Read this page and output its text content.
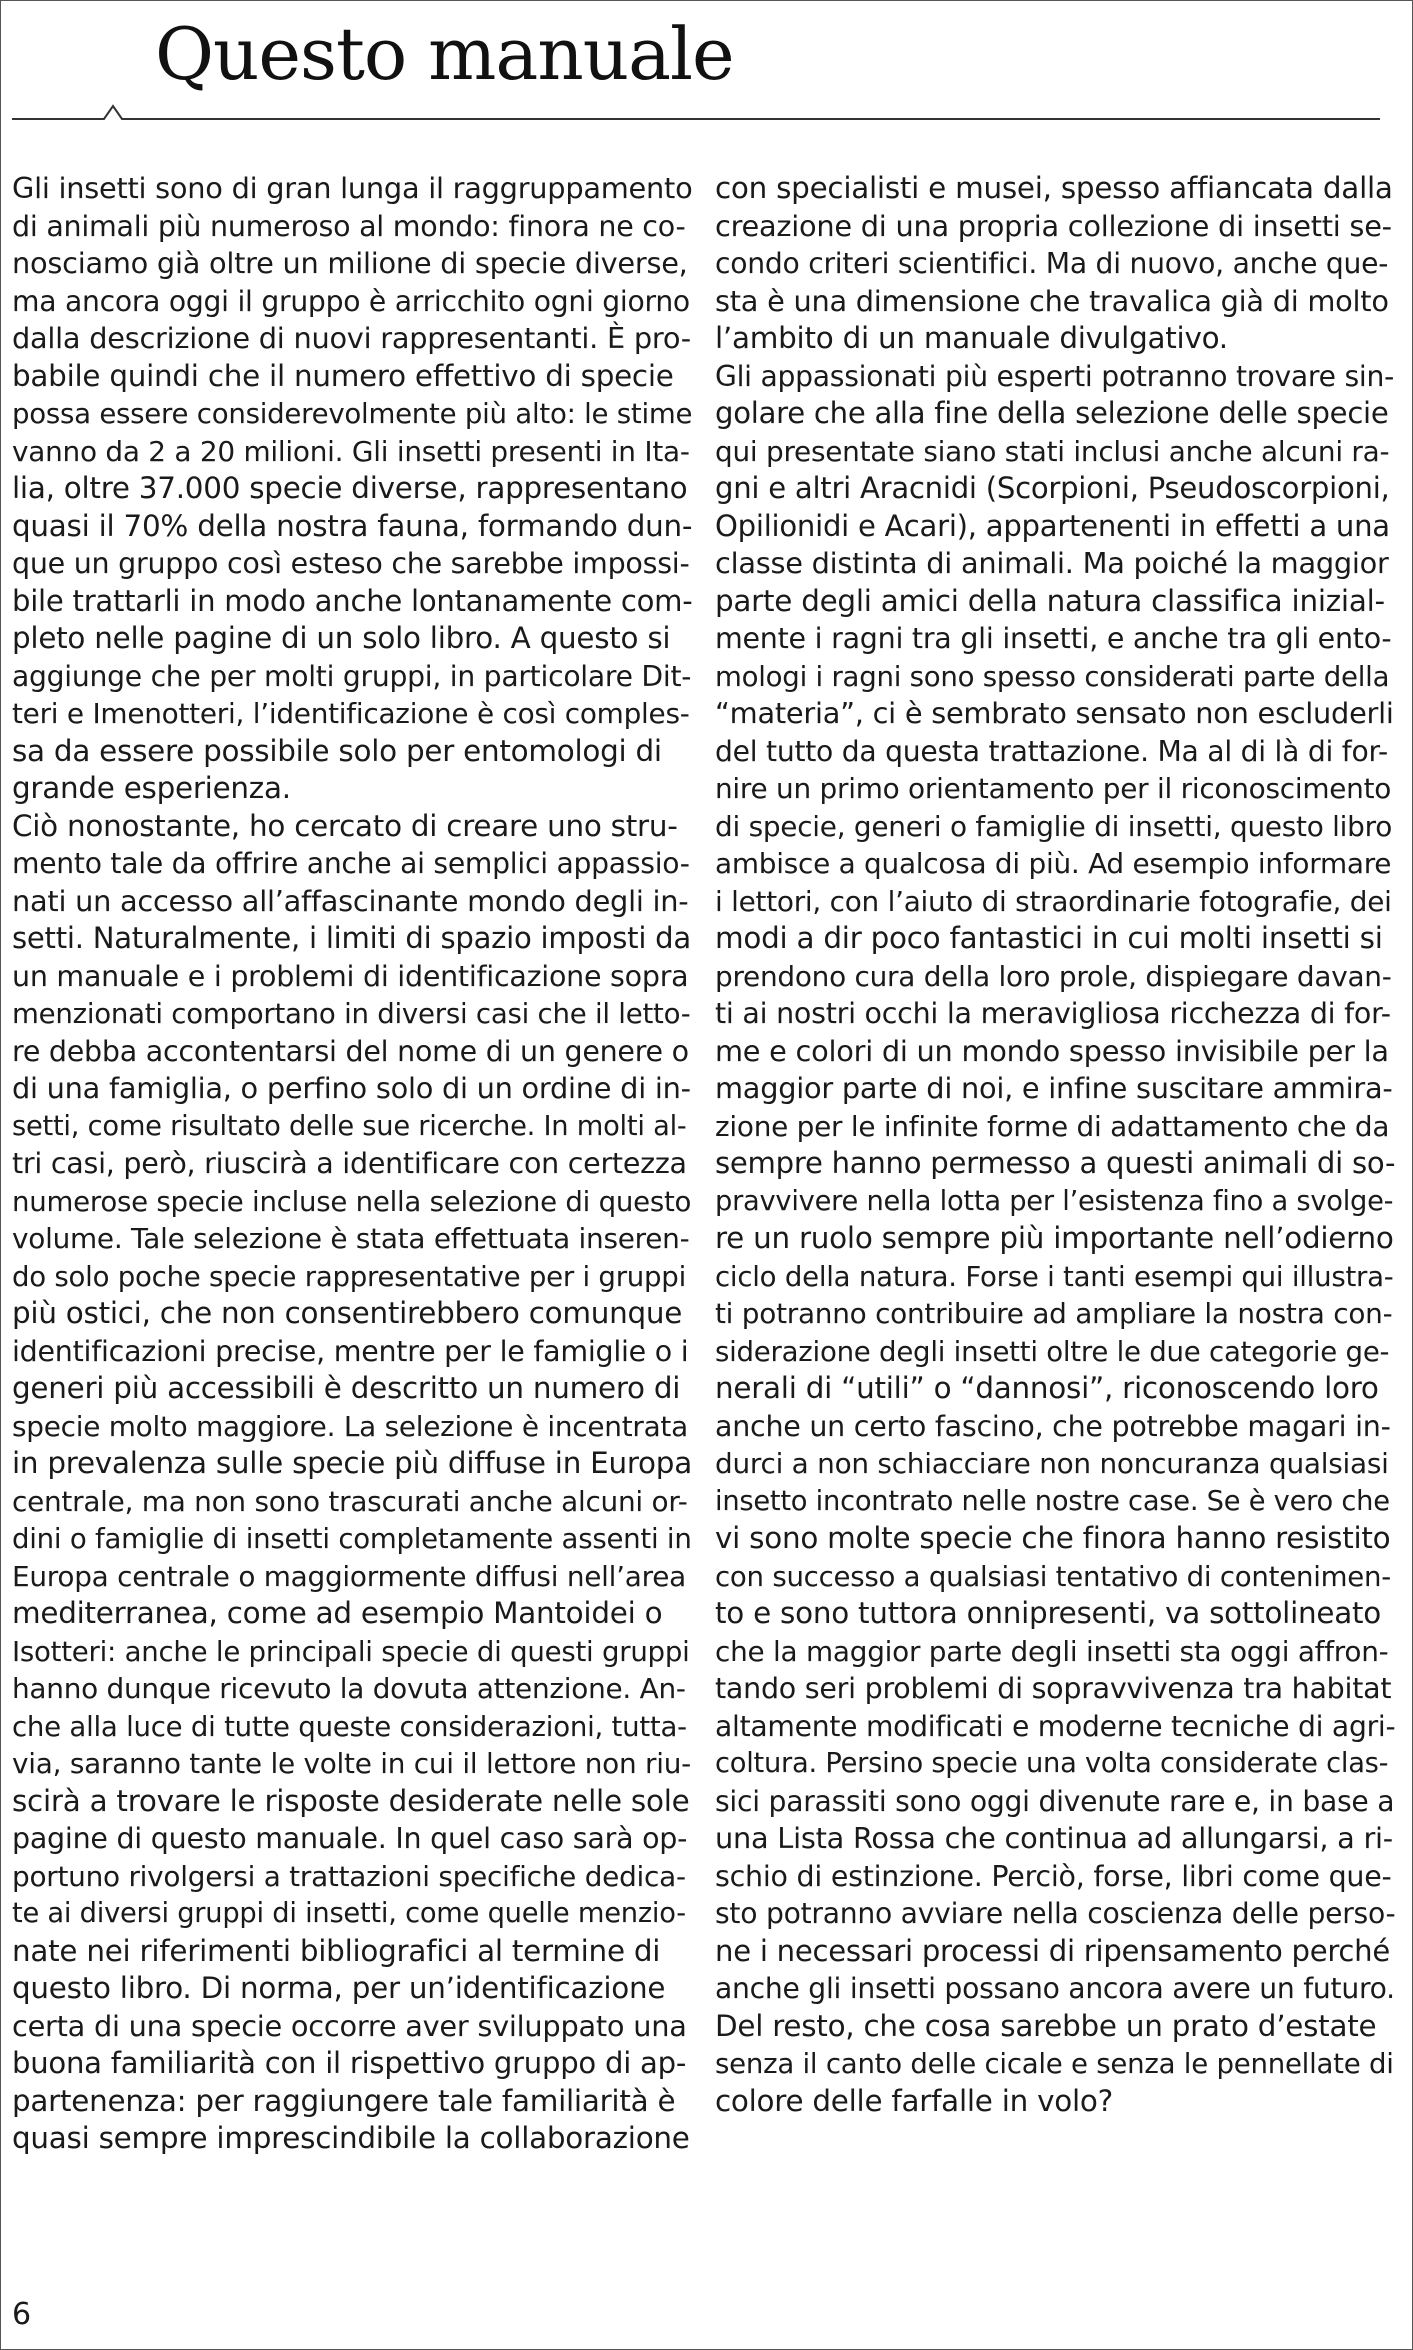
Questo manuale
Gli insetti sono di gran lunga il raggruppamento
di animali più numeroso al mondo: finora ne co-
nosciamo già oltre un milione di specie diverse,
ma ancora oggi il gruppo è arricchito ogni giorno
dalla descrizione di nuovi rappresentanti. È pro-
babile quindi che il numero effettivo di specie
possa essere considerevolmente più alto: le stime
vanno da 2 a 20 milioni. Gli insetti presenti in Ita-
lia, oltre 37.000 specie diverse, rappresentano
quasi il 70% della nostra fauna, formando dun-
que un gruppo così esteso che sarebbe impossi-
bile trattarli in modo anche lontanamente com-
pleto nelle pagine di un solo libro. A questo si
aggiunge che per molti gruppi, in particolare Dit-
teri e Imenotteri, l’identificazione è così comples-
sa da essere possibile solo per entomologi di
grande esperienza.
Ciò nonostante, ho cercato di creare uno stru-
mento tale da offrire anche ai semplici appassio-
nati un accesso all’affascinante mondo degli in-
setti. Naturalmente, i limiti di spazio imposti da
un manuale e i problemi di identificazione sopra
menzionati comportano in diversi casi che il letto-
re debba accontentarsi del nome di un genere o
di una famiglia, o perfino solo di un ordine di in-
setti, come risultato delle sue ricerche. In molti al-
tri casi, però, riuscirà a identificare con certezza
numerose specie incluse nella selezione di questo
volume. Tale selezione è stata effettuata inseren-
do solo poche specie rappresentative per i gruppi
più ostici, che non consentirebbero comunque
identificazioni precise, mentre per le famiglie o i
generi più accessibili è descritto un numero di
specie molto maggiore. La selezione è incentrata
in prevalenza sulle specie più diffuse in Europa
centrale, ma non sono trascurati anche alcuni or-
dini o famiglie di insetti completamente assenti in
Europa centrale o maggiormente diffusi nell’area
mediterranea, come ad esempio Mantoidei o
Isotteri: anche le principali specie di questi gruppi
hanno dunque ricevuto la dovuta attenzione. An-
che alla luce di tutte queste considerazioni, tutta-
via, saranno tante le volte in cui il lettore non riu-
scirà a trovare le risposte desiderate nelle sole
pagine di questo manuale. In quel caso sarà op-
portuno rivolgersi a trattazioni specifiche dedica-
te ai diversi gruppi di insetti, come quelle menzio-
nate nei riferimenti bibliografici al termine di
questo libro. Di norma, per un’identificazione
certa di una specie occorre aver sviluppato una
buona familiarità con il rispettivo gruppo di ap-
partenenza: per raggiungere tale familiarità è
quasi sempre imprescindibile la collaborazione
con specialisti e musei, spesso affiancata dalla
creazione di una propria collezione di insetti se-
condo criteri scientifici. Ma di nuovo, anche que-
sta è una dimensione che travalica già di molto
l’ambito di un manuale divulgativo.
Gli appassionati più esperti potranno trovare sin-
golare che alla fine della selezione delle specie
qui presentate siano stati inclusi anche alcuni ra-
gni e altri Aracnidi (Scorpioni, Pseudoscorpioni,
Opilionidi e Acari), appartenenti in effetti a una
classe distinta di animali. Ma poiché la maggior
parte degli amici della natura classifica inizial-
mente i ragni tra gli insetti, e anche tra gli ento-
mologi i ragni sono spesso considerati parte della
“materia”, ci è sembrato sensato non escluderli
del tutto da questa trattazione. Ma al di là di for-
nire un primo orientamento per il riconoscimento
di specie, generi o famiglie di insetti, questo libro
ambisce a qualcosa di più. Ad esempio informare
i lettori, con l’aiuto di straordinarie fotografie, dei
modi a dir poco fantastici in cui molti insetti si
prendono cura della loro prole, dispiegare davan-
ti ai nostri occhi la meravigliosa ricchezza di for-
me e colori di un mondo spesso invisibile per la
maggior parte di noi, e infine suscitare ammira-
zione per le infinite forme di adattamento che da
sempre hanno permesso a questi animali di so-
pravvivere nella lotta per l’esistenza fino a svolge-
re un ruolo sempre più importante nell’odierno
ciclo della natura. Forse i tanti esempi qui illustra-
ti potranno contribuire ad ampliare la nostra con-
siderazione degli insetti oltre le due categorie ge-
nerali di “utili” o “dannosi”, riconoscendo loro
anche un certo fascino, che potrebbe magari in-
durci a non schiacciare non noncuranza qualsiasi
insetto incontrato nelle nostre case. Se è vero che
vi sono molte specie che finora hanno resistito
con successo a qualsiasi tentativo di contenimen-
to e sono tuttora onnipresenti, va sottolineato
che la maggior parte degli insetti sta oggi affron-
tando seri problemi di sopravvivenza tra habitat
altamente modificati e moderne tecniche di agri-
coltura. Persino specie una volta considerate clas-
sici parassiti sono oggi divenute rare e, in base a
una Lista Rossa che continua ad allungarsi, a ri-
schio di estinzione. Perciò, forse, libri come que-
sto potranno avviare nella coscienza delle perso-
ne i necessari processi di ripensamento perché
anche gli insetti possano ancora avere un futuro.
Del resto, che cosa sarebbe un prato d’estate
senza il canto delle cicale e senza le pennellate di
colore delle farfalle in volo?
6
